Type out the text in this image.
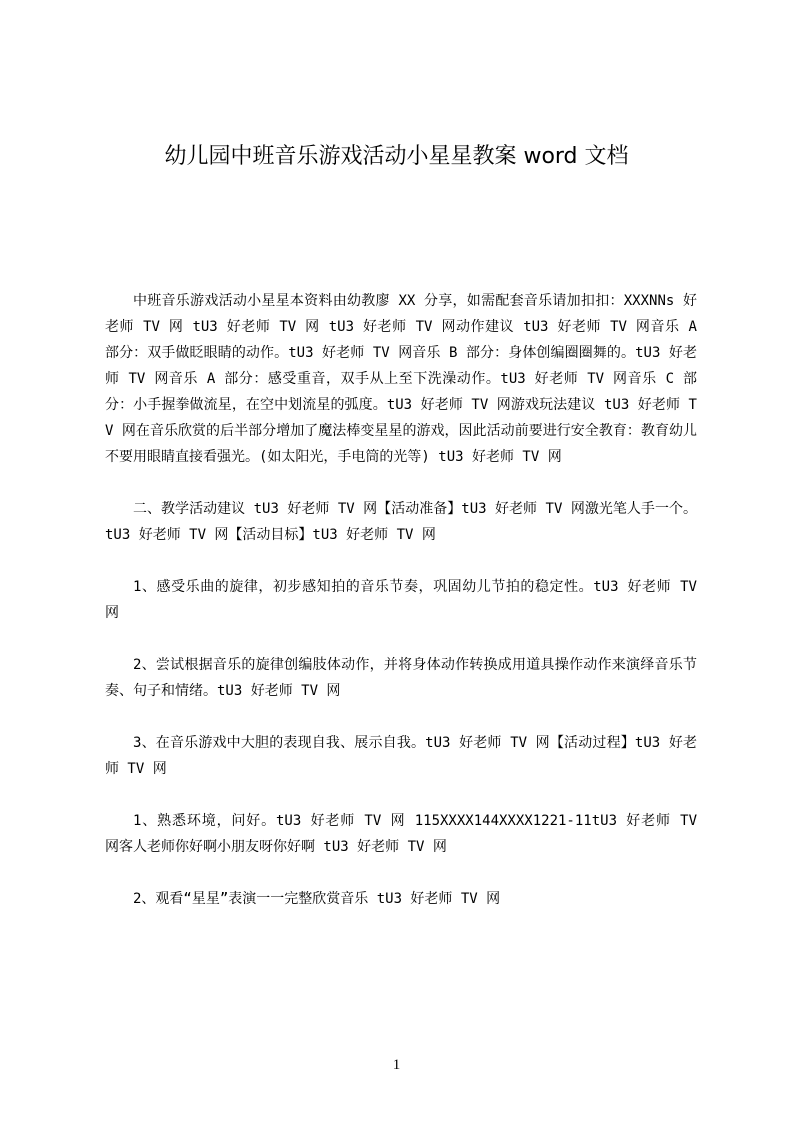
幼儿园中班音乐游戏活动小星星教案 word 文档

中班音乐游戏活动小星星本资料由幼教廖 XX 分享，如需配套音乐请加扣扣：XXXNNs 好老师 TV 网 tU3 好老师 TV 网 tU3 好老师 TV 网动作建议 tU3 好老师 TV 网音乐 A 部分：双手做眨眼睛的动作。tU3 好老师 TV 网音乐 B 部分：身体创编圈圈舞的。tU3 好老师 TV 网音乐 A 部分：感受重音，双手从上至下洗澡动作。tU3 好老师 TV 网音乐 C 部分：小手握拳做流星，在空中划流星的弧度。tU3 好老师 TV 网游戏玩法建议 tU3 好老师 TV 网在音乐欣赏的后半部分增加了魔法棒变星星的游戏，因此活动前要进行安全教育：教育幼儿不要用眼睛直接看强光。(如太阳光，手电筒的光等) tU3 好老师 TV 网

二、教学活动建议 tU3 好老师 TV 网【活动准备】tU3 好老师 TV 网激光笔人手一个。tU3 好老师 TV 网【活动目标】tU3 好老师 TV 网

1、感受乐曲的旋律，初步感知拍的音乐节奏，巩固幼儿节拍的稳定性。tU3 好老师 TV 网

2、尝试根据音乐的旋律创编肢体动作，并将身体动作转换成用道具操作动作来演绎音乐节奏、句子和情绪。tU3 好老师 TV 网

3、在音乐游戏中大胆的表现自我、展示自我。tU3 好老师 TV 网【活动过程】tU3 好老师 TV 网

1、熟悉环境，问好。tU3 好老师 TV 网 115XXXX144XXXX1221-11tU3 好老师 TV 网客人老师你好啊小朋友呀你好啊 tU3 好老师 TV 网

2、观看“星星”表演一一完整欣赏音乐 tU3 好老师 TV 网

1
